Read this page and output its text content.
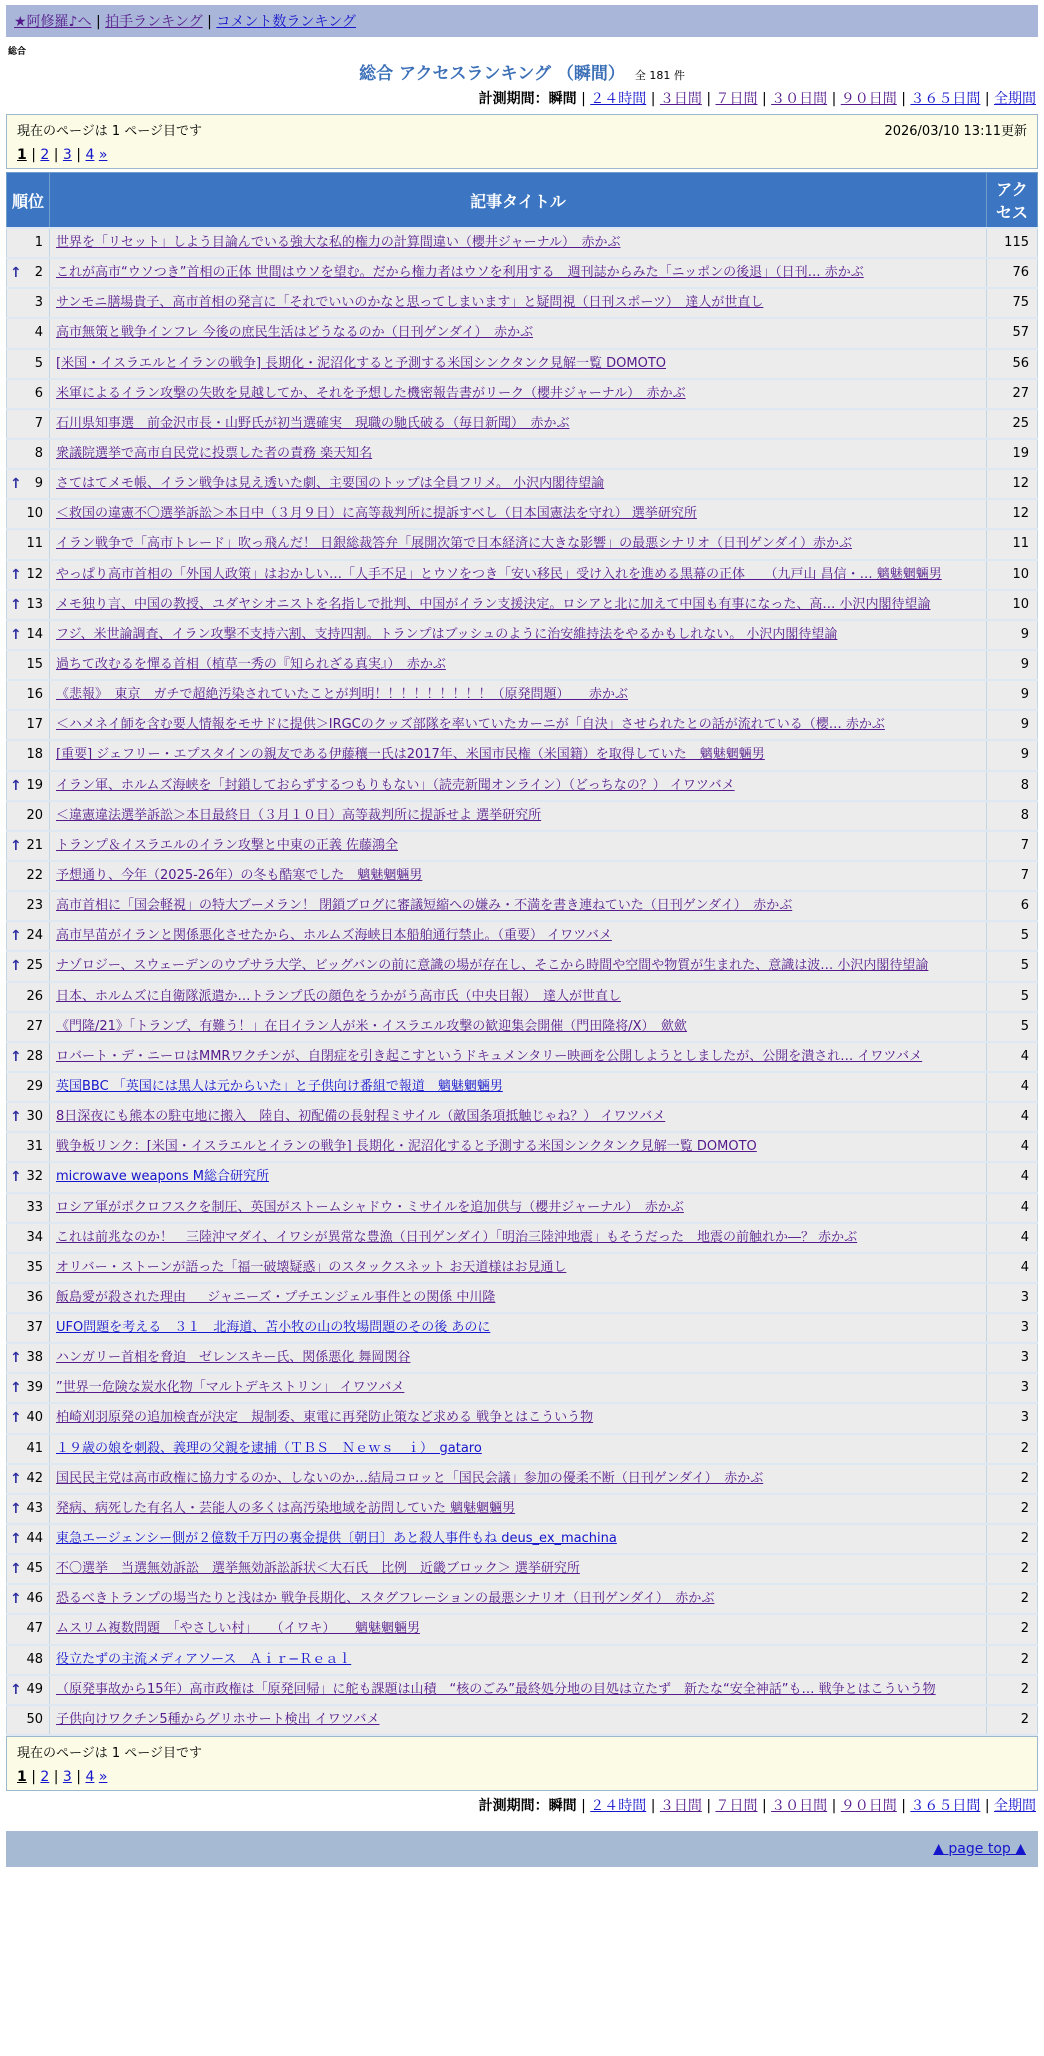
★阿修羅♪へ | 拍手ランキング | コメント数ランキング
総合
総合 アクセスランキング （瞬間） 全 181 件
計測期間：瞬間 | ２４時間 | ３日間 | ７日間 | ３０日間 | ９０日間 | ３６５日間 | 全期間
現在のページは 1 ページ目です	2026/03/10 13:11更新
1 | 2 | 3 | 4 »
順位	記事タイトル	アクセス
1	世界を「リセット」しよう目論んでいる強大な私的権力の計算間違い（櫻井ジャーナル）　赤かぶ	115

↑ 2	これが高市“ウソつき”首相の正体 世間はウソを望む。だから権力者はウソを利用する　週刊誌からみた「ニッポンの後退」（日刊… 赤かぶ	76
3	サンモニ膳場貴子、高市首相の発言に「それでいいのかなと思ってしまいます」と疑問視（日刊スポーツ）　達人が世直し	75
4	高市無策と戦争インフレ 今後の庶民生活はどうなるのか（日刊ゲンダイ）　赤かぶ	57
5	[米国・イスラエルとイランの戦争] 長期化・泥沼化すると予測する米国シンクタンク見解一覧 DOMOTO	56
6	米軍によるイラン攻撃の失敗を見越してか、それを予想した機密報告書がリーク（櫻井ジャーナル）　赤かぶ	27
7	石川県知事選　前金沢市長・山野氏が初当選確実　現職の馳氏破る（毎日新聞）　赤かぶ	25
8	衆議院選挙で高市自民党に投票した者の責務 楽天知名	19

↑ 9	さてはてメモ帳、イラン戦争は見え透いた劇、主要国のトップは全員フリメ。 小沢内閣待望論	12
10	＜救国の違憲不〇選挙訴訟＞本日中（３月９日）に高等裁判所に提訴すべし（日本国憲法を守れ） 選挙研究所	12
11	イラン戦争で「高市トレード」吹っ飛んだ！ 日銀総裁答弁「展開次第で日本経済に大きな影響」の最悪シナリオ（日刊ゲンダイ）赤かぶ	11

↑ 12	やっぱり高市首相の「外国人政策」はおかしい…「人手不足」とウソをつき「安い移民」受け入れを進める黒幕の正体　　（九戸山 昌信・… 魑魅魍魎男	10

↑ 13	メモ独り言、中国の教授、ユダヤシオニストを名指しで批判、中国がイラン支援決定。ロシアと北に加えて中国も有事になった、高… 小沢内閣待望論	10

↑ 14	フジ、米世論調査、イラン攻撃不支持六割、支持四割。トランプはブッシュのように治安維持法をやるかもしれない。 小沢内閣待望論	9
15	過ちて改むるを憚る首相（植草一秀の『知られざる真実』）　赤かぶ	9
16	《悲報》　東京　ガチで超絶汚染されていたことが判明！！！！！！！！！（原発問題）　　赤かぶ	9
17	＜ハメネイ師を含む要人情報をモサドに提供＞IRGCのクッズ部隊を率いていたカーニが「自決」させられたとの話が流れている（櫻… 赤かぶ	9
18	[重要] ジェフリー・エプスタインの親友である伊藤穰一氏は2017年、米国市民権（米国籍）を取得していた　魑魅魍魎男	9

↑ 19	イラン軍、ホルムズ海峡を「封鎖しておらずするつもりもない」（読売新聞オンライン）（どっちなの？） イワツバメ	8
20	＜違憲違法選挙訴訟＞本日最終日（３月１０日）高等裁判所に提訴せよ 選挙研究所	8

↑ 21	トランプ＆イスラエルのイラン攻撃と中東の正義 佐藤鴻全	7
22	予想通り、今年（2025-26年）の冬も酷寒でした　魑魅魍魎男	7
23	高市首相に「国会軽視」の特大ブーメラン！ 閉鎖ブログに審議短縮への嫌み・不満を書き連ねていた（日刊ゲンダイ）　赤かぶ	6

↑ 24	高市早苗がイランと関係悪化させたから、ホルムズ海峡日本船舶通行禁止。（重要） イワツバメ	5

↑ 25	ナゾロジー、スウェーデンのウプサラ大学、ビッグバンの前に意識の場が存在し、そこから時間や空間や物質が生まれた、意識は波… 小沢内閣待望論	5
26	日本、ホルムズに自衛隊派遣か…トランプ氏の顔色をうかがう高市氏（中央日報）　達人が世直し	5
27	《門隆/21》「トランプ、有難う！」在日イラン人が米・イスラエル攻撃の歓迎集会開催（門田隆将/Ⅹ）　歛歛	5

↑ 28	ロバート・デ・ニーロはMMRワクチンが、自閉症を引き起こすというドキュメンタリー映画を公開しようとしましたが、公開を潰され… イワツバメ	4
29	英国BBC 「英国には黒人は元からいた」と子供向け番組で報道　魑魅魍魎男	4

↑ 30	8日深夜にも熊本の駐屯地に搬入　陸自、初配備の長射程ミサイル（敵国条項抵触じゃね？） イワツバメ	4
31	戦争板リンク：[米国・イスラエルとイランの戦争] 長期化・泥沼化すると予測する米国シンクタンク見解一覧 DOMOTO	4

↑ 32	microwave weapons M総合研究所	4
33	ロシア軍がポクロフスクを制圧、英国がストームシャドウ・ミサイルを追加供与（櫻井ジャーナル）　赤かぶ	4
34	これは前兆なのか！　三陸沖マダイ、イワシが異常な豊漁（日刊ゲンダイ）「明治三陸沖地震」もそうだった　地震の前触れか―？ 赤かぶ	4
35	オリバー・ストーンが語った「福一破壊疑惑」のスタックスネット お天道様はお見通し	4
36	飯島愛が殺された理由 ＿ ジャニーズ・プチエンジェル事件との関係 中川隆	3
37	UFO問題を考える　３１　北海道、苫小牧の山の牧場問題のその後 あのに	3

↑ 38	ハンガリー首相を脅迫　ゼレンスキー氏、関係悪化 舞岡関谷	3

↑ 39	”世界一危険な炭水化物「マルトデキストリン」 イワツバメ	3

↑ 40	柏崎刈羽原発の追加検査が決定　規制委、東電に再発防止策など求める 戦争とはこういう物	3
41	１９歳の娘を刺殺、義理の父親を逮捕（ＴＢＳ　Ｎｅｗｓ　ｉ）　gataro	2

↑ 42	国民民主党は高市政権に協力するのか、しないのか…結局コロッと「国民会議」参加の優柔不断（日刊ゲンダイ）　赤かぶ	2

↑ 43	発病、病死した有名人・芸能人の多くは高汚染地域を訪問していた 魑魅魍魎男	2

↑ 44	東急エージェンシー側が２億数千万円の裏金提供〔朝日〕あと殺人事件もね deus_ex_machina	2

↑ 45	不〇選挙　当選無効訴訟　選挙無効訴訟訴状＜大石氏　比例　近畿ブロック＞ 選挙研究所	2

↑ 46	恐るべきトランプの場当たりと浅はか 戦争長期化、スタグフレーションの最悪シナリオ（日刊ゲンダイ）　赤かぶ	2
47	ムスリム複数問題　「やさしい村」　　（イワキ）　　魑魅魍魎男	2
48	役立たずの主流メディアソース　Ａｉｒ−Ｒｅａｌ	2

↑ 49	（原発事故から15年）高市政権は「原発回帰」に舵も課題は山積　“核のごみ”最終処分地の目処は立たず　新たな“安全神話”も… 戦争とはこういう物	2
50	子供向けワクチン5種からグリホサート検出 イワツバメ	2
現在のページは 1 ページ目です
1 | 2 | 3 | 4 »
計測期間：瞬間 | ２４時間 | ３日間 | ７日間 | ３０日間 | ９０日間 | ３６５日間 | 全期間
▲ page top ▲
